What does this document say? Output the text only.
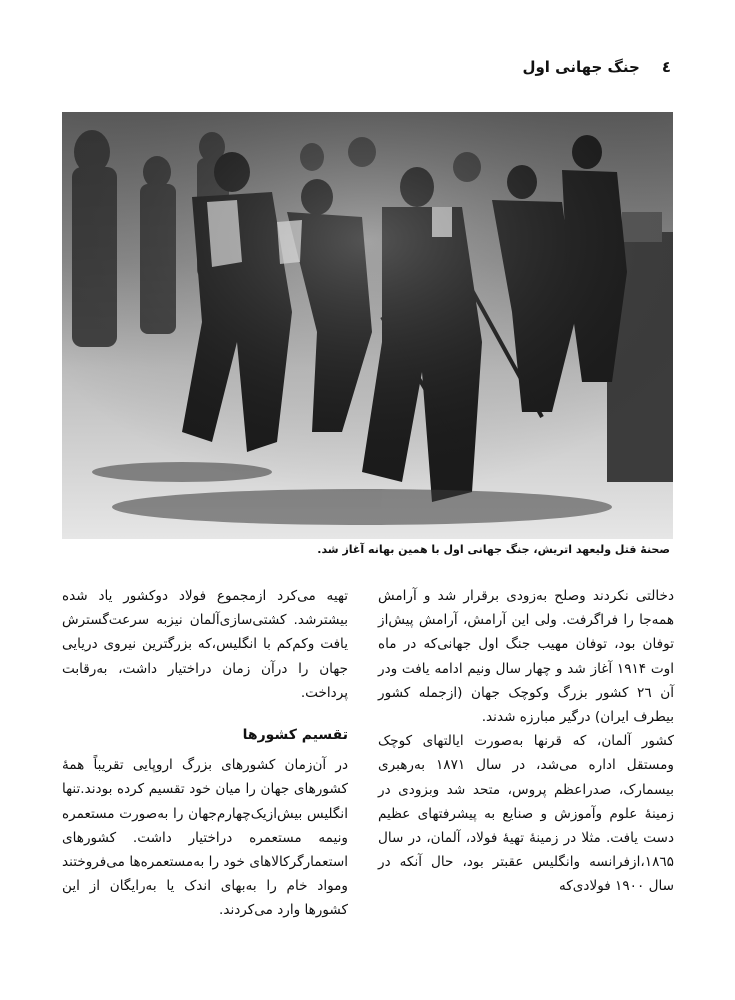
٤
جنگ جهانی اول
صحنهٔ قتل ولیعهد اتریش، جنگ جهانی اول با همین بهانه آغاز شد.

دخالتی نکردند وصلح به‌زودی برقرار شد و آرامش همه‌جا را فراگرفت. ولی این آرامش، آرامش پیش‌از توفان بود، توفان مهیب جنگ اول جهانی‌که در ماه اوت ۱۹۱۴ آغاز شد و چهار سال ونیم ادامه یافت ودر آن ۲٦ کشور بزرگ وکوچک جهان (ازجمله کشور بیطرف ایران) درگیر مبارزه شدند.

کشور آلمان، که قرنها به‌صورت ایالتهای کوچک ومستقل اداره می‌شد، در سال ۱۸۷۱ به‌رهبری بیسمارک، صدراعظم پروس، متحد شد وبزودی در زمینهٔ علوم وآموزش و صنایع به پیشرفتهای عظیم دست یافت. مثلا در زمینهٔ تهیهٔ فولاد، آلمان، در سال ۱۸٦۵،ازفرانسه وانگلیس عقبتر بود، حال آنکه در سال ۱۹۰۰ فولادی‌که

تهیه می‌کرد ازمجموع فولاد دوکشور یاد شده بیشترشد. کشتی‌سازی‌آلمان نیزبه سرعت‌گسترش یافت وکم‌کم با انگلیس،که بزرگترین نیروی دریایی جهان را درآن زمان دراختیار داشت، به‌رقابت پرداخت.

تقسیم کشورها

در آن‌زمان کشورهای بزرگ اروپایی تقریباً همهٔ کشورهای جهان را میان خود تقسیم کرده بودند.تنها انگلیس بیش‌ازیک‌چهارم‌جهان را به‌صورت مستعمره ونیمه مستعمره دراختیار داشت. کشورهای استعمارگرکالاهای خود را به‌مستعمره‌ها می‌فروختند ومواد خام را به‌بهای اندک یا به‌رایگان از این کشورها وارد می‌کردند.
